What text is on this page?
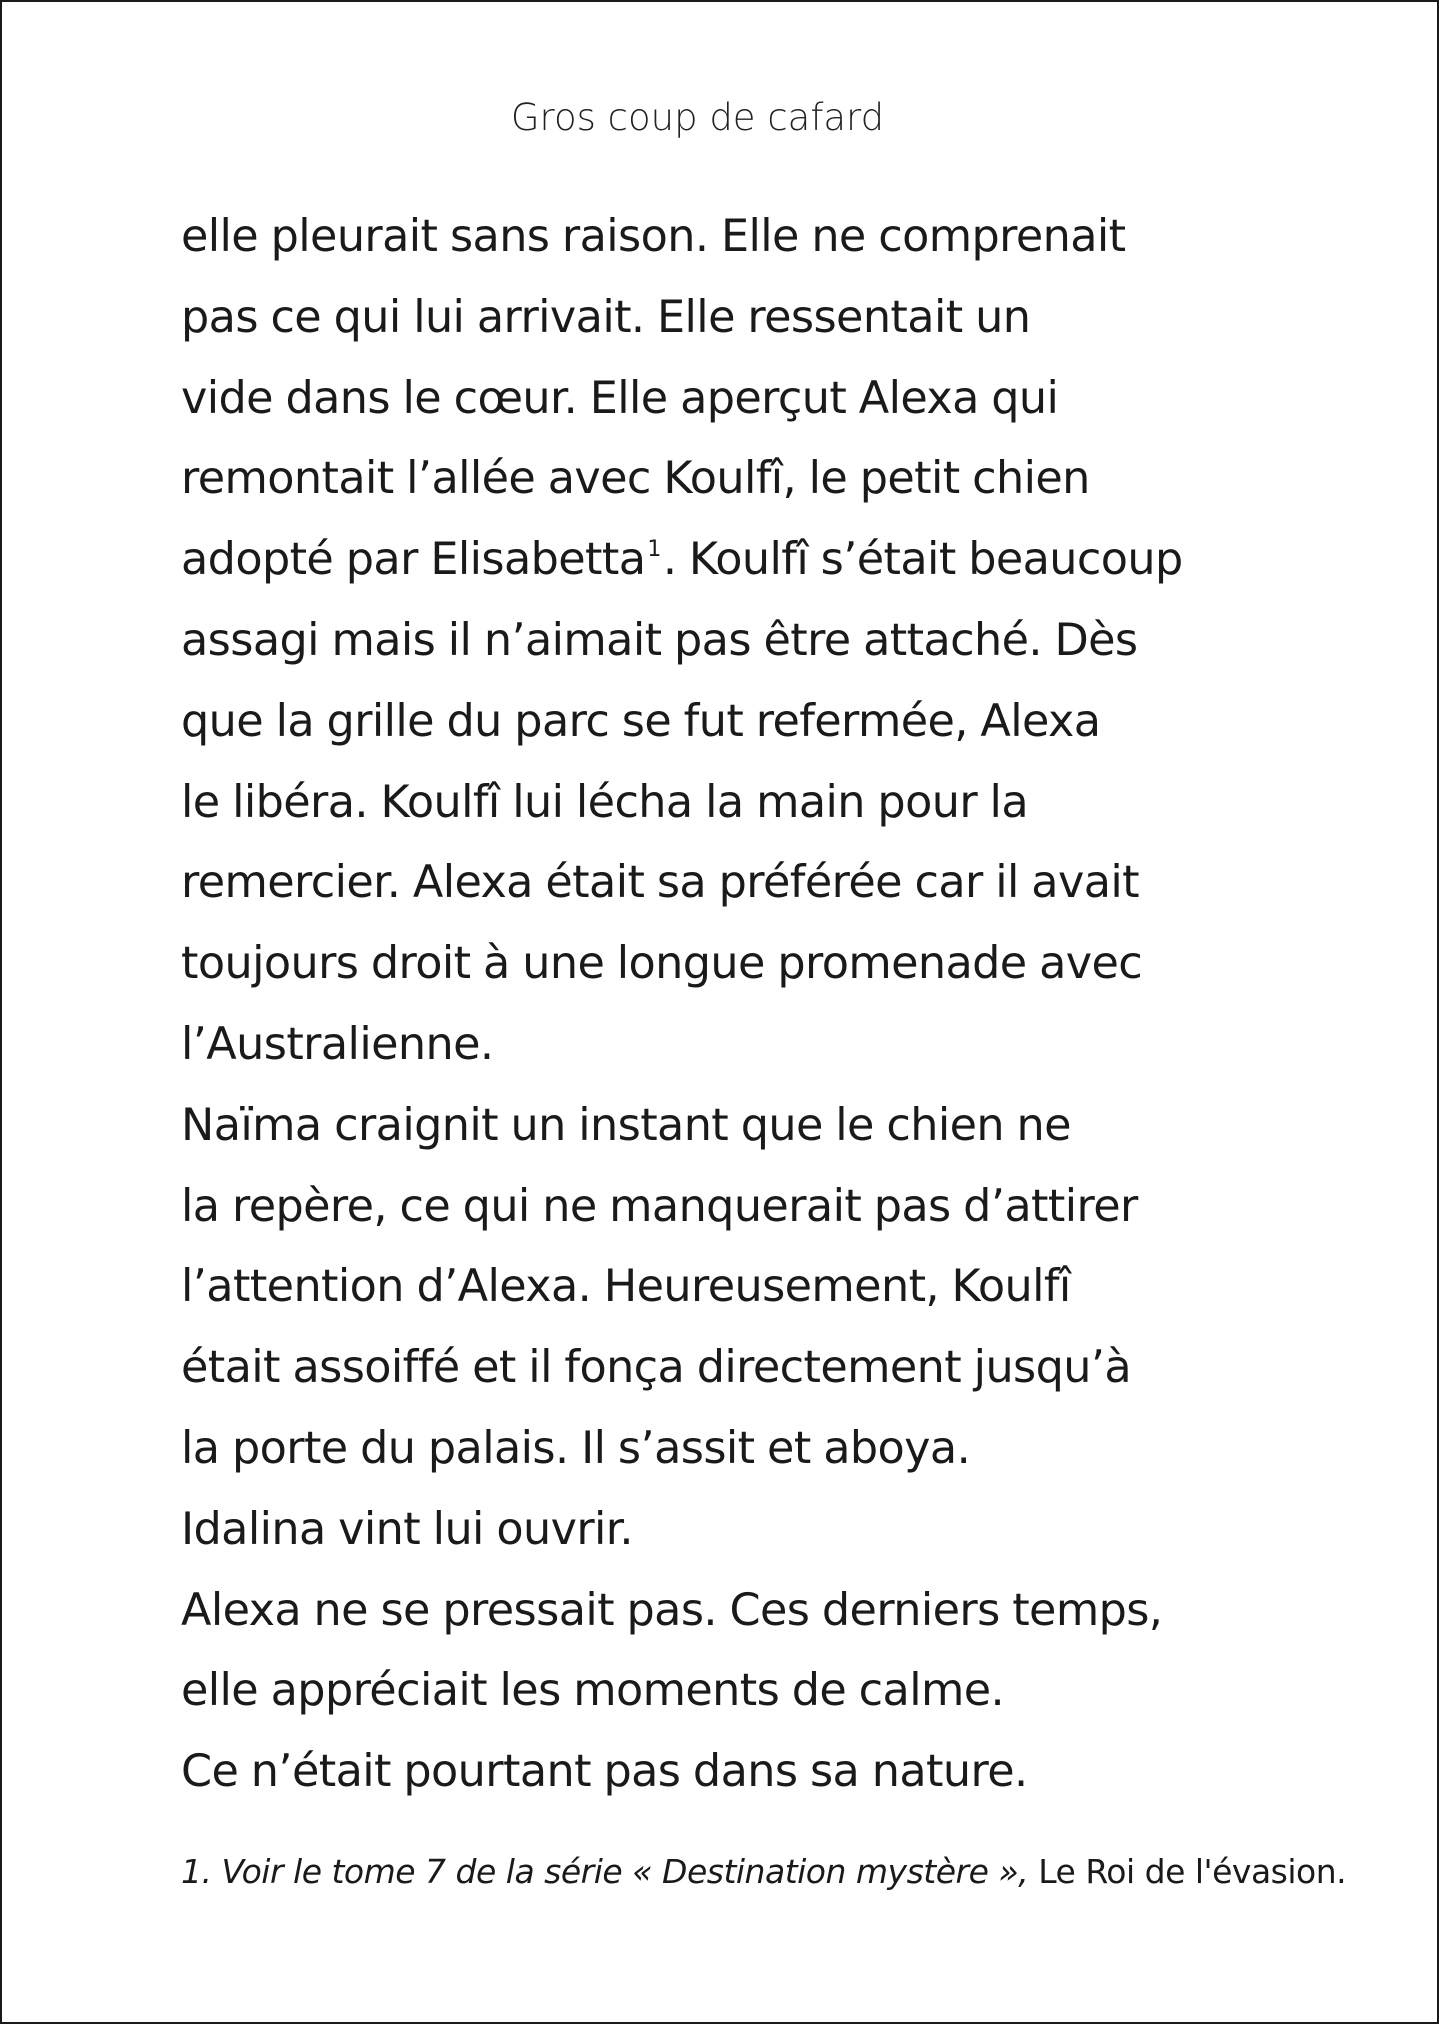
Gros coup de cafard
elle pleurait sans raison. Elle ne comprenait
pas ce qui lui arrivait. Elle ressentait un
vide dans le cœur. Elle aperçut Alexa qui
remontait l’allée avec Koulfî, le petit chien
adopté par Elisabetta$^1$. Koulfî s’était beaucoup
assagi mais il n’aimait pas être attaché. Dès
que la grille du parc se fut refermée, Alexa
le libéra. Koulfî lui lécha la main pour la
remercier. Alexa était sa préférée car il avait
toujours droit à une longue promenade avec
l’Australienne.
Naïma craignit un instant que le chien ne
la repère, ce qui ne manquerait pas d’attirer
l’attention d’Alexa. Heureusement, Koulfî
était assoiffé et il fonça directement jusqu’à
la porte du palais. Il s’assit et aboya.
Idalina vint lui ouvrir.
Alexa ne se pressait pas. Ces derniers temps,
elle appréciait les moments de calme.
Ce n’était pourtant pas dans sa nature.
1. Voir le tome 7 de la série « Destination mystère », Le Roi de l'évasion.
